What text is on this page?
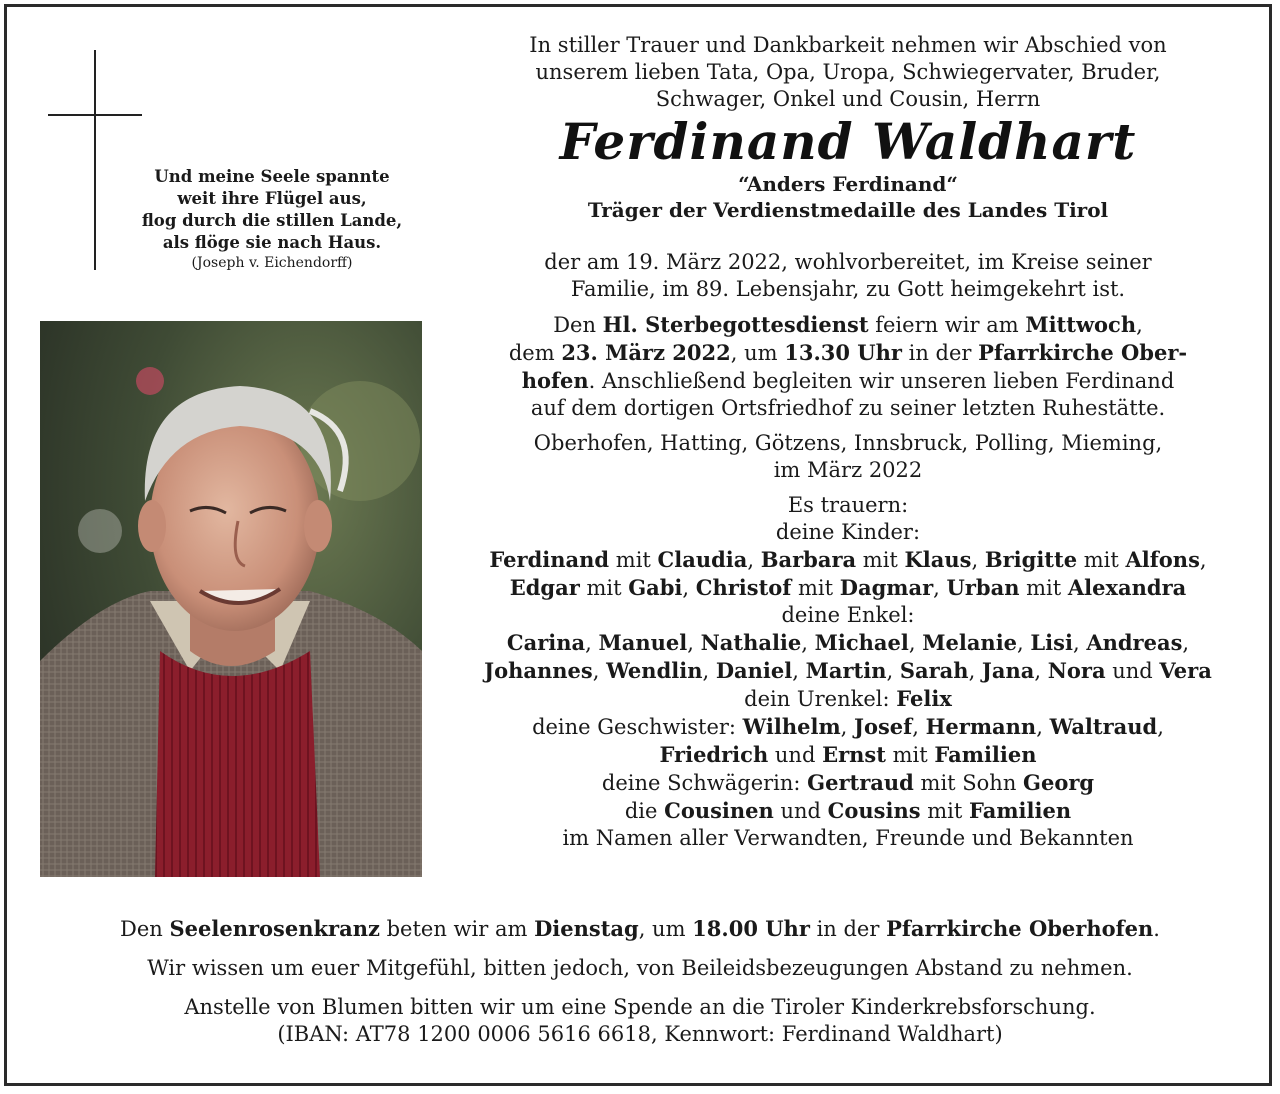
Und meine Seele spannte
weit ihre Flügel aus,
flog durch die stillen Lande,
als flöge sie nach Haus.
(Joseph v. Eichendorff)

In stiller Trauer und Dankbarkeit nehmen wir Abschied von

unserem lieben Tata, Opa, Uropa, Schwiegervater, Bruder,

Schwager, Onkel und Cousin, Herrn

Ferdinand Waldhart

“Anders Ferdinand“

Träger der Verdienstmedaille des Landes Tirol

der am 19. März 2022, wohlvorbereitet, im Kreise seiner

Familie, im 89. Lebensjahr, zu Gott heimgekehrt ist.

Den Hl. Sterbegottesdienst feiern wir am Mittwoch,

dem 23. März 2022, um 13.30 Uhr in der Pfarrkirche Ober-

hofen. Anschließend begleiten wir unseren lieben Ferdinand

auf dem dortigen Ortsfriedhof zu seiner letzten Ruhestätte.

Oberhofen, Hatting, Götzens, Innsbruck, Polling, Mieming,

im März 2022

Es trauern:

deine Kinder:

Ferdinand mit Claudia, Barbara mit Klaus, Brigitte mit Alfons,

Edgar mit Gabi, Christof mit Dagmar, Urban mit Alexandra

deine Enkel:

Carina, Manuel, Nathalie, Michael, Melanie, Lisi, Andreas,

Johannes, Wendlin, Daniel, Martin, Sarah, Jana, Nora und Vera

dein Urenkel: Felix

deine Geschwister: Wilhelm, Josef, Hermann, Waltraud,

Friedrich und Ernst mit Familien

deine Schwägerin: Gertraud mit Sohn Georg

die Cousinen und Cousins mit Familien

im Namen aller Verwandten, Freunde und Bekannten

Den Seelenrosenkranz beten wir am Dienstag, um 18.00 Uhr in der Pfarrkirche Oberhofen.

Wir wissen um euer Mitgefühl, bitten jedoch, von Beileidsbezeugungen Abstand zu nehmen.

Anstelle von Blumen bitten wir um eine Spende an die Tiroler Kinderkrebsforschung.

(IBAN: AT78 1200 0006 5616 6618, Kennwort: Ferdinand Waldhart)
